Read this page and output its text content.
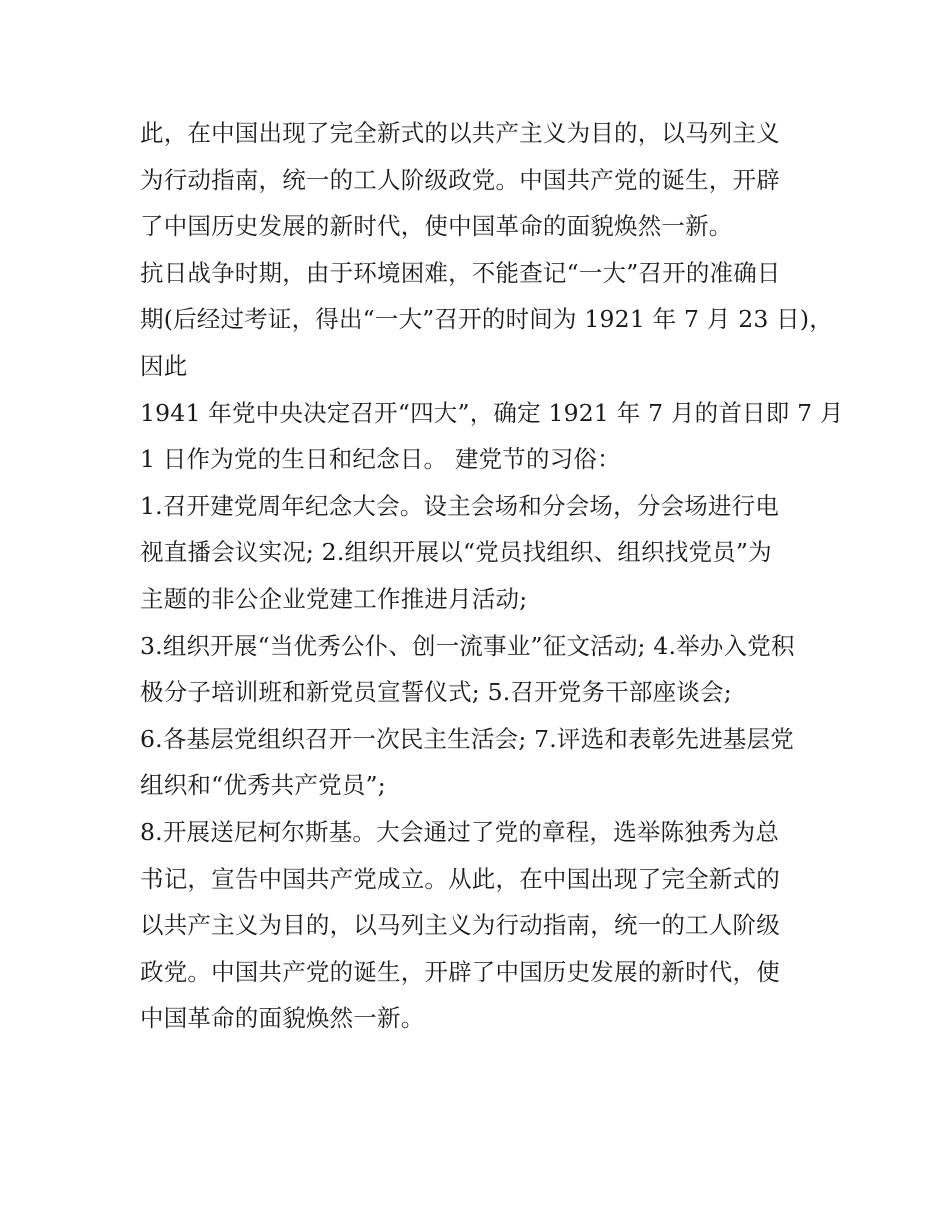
此，在中国出现了完全新式的以共产主义为目的，以马列主义
为行动指南，统一的工人阶级政党。中国共产党的诞生，开辟
了中国历史发展的新时代，使中国革命的面貌焕然一新。
抗日战争时期，由于环境困难，不能查记“一大”召开的准确日
期(后经过考证，得出“一大”召开的时间为 1921 年 7 月 23 日)，
因此
1941 年党中央决定召开“四大”，确定 1921 年 7 月的首日即 7 月
1 日作为党的生日和纪念日。 建党节的习俗：
1.召开建党周年纪念大会。设主会场和分会场，分会场进行电
视直播会议实况; 2.组织开展以“党员找组织、组织找党员”为
主题的非公企业党建工作推进月活动;
3.组织开展“当优秀公仆、创一流事业”征文活动; 4.举办入党积
极分子培训班和新党员宣誓仪式; 5.召开党务干部座谈会;
6.各基层党组织召开一次民主生活会; 7.评选和表彰先进基层党
组织和“优秀共产党员”;
8.开展送尼柯尔斯基。大会通过了党的章程，选举陈独秀为总
书记，宣告中国共产党成立。从此，在中国出现了完全新式的
以共产主义为目的，以马列主义为行动指南，统一的工人阶级
政党。中国共产党的诞生，开辟了中国历史发展的新时代，使
中国革命的面貌焕然一新。
